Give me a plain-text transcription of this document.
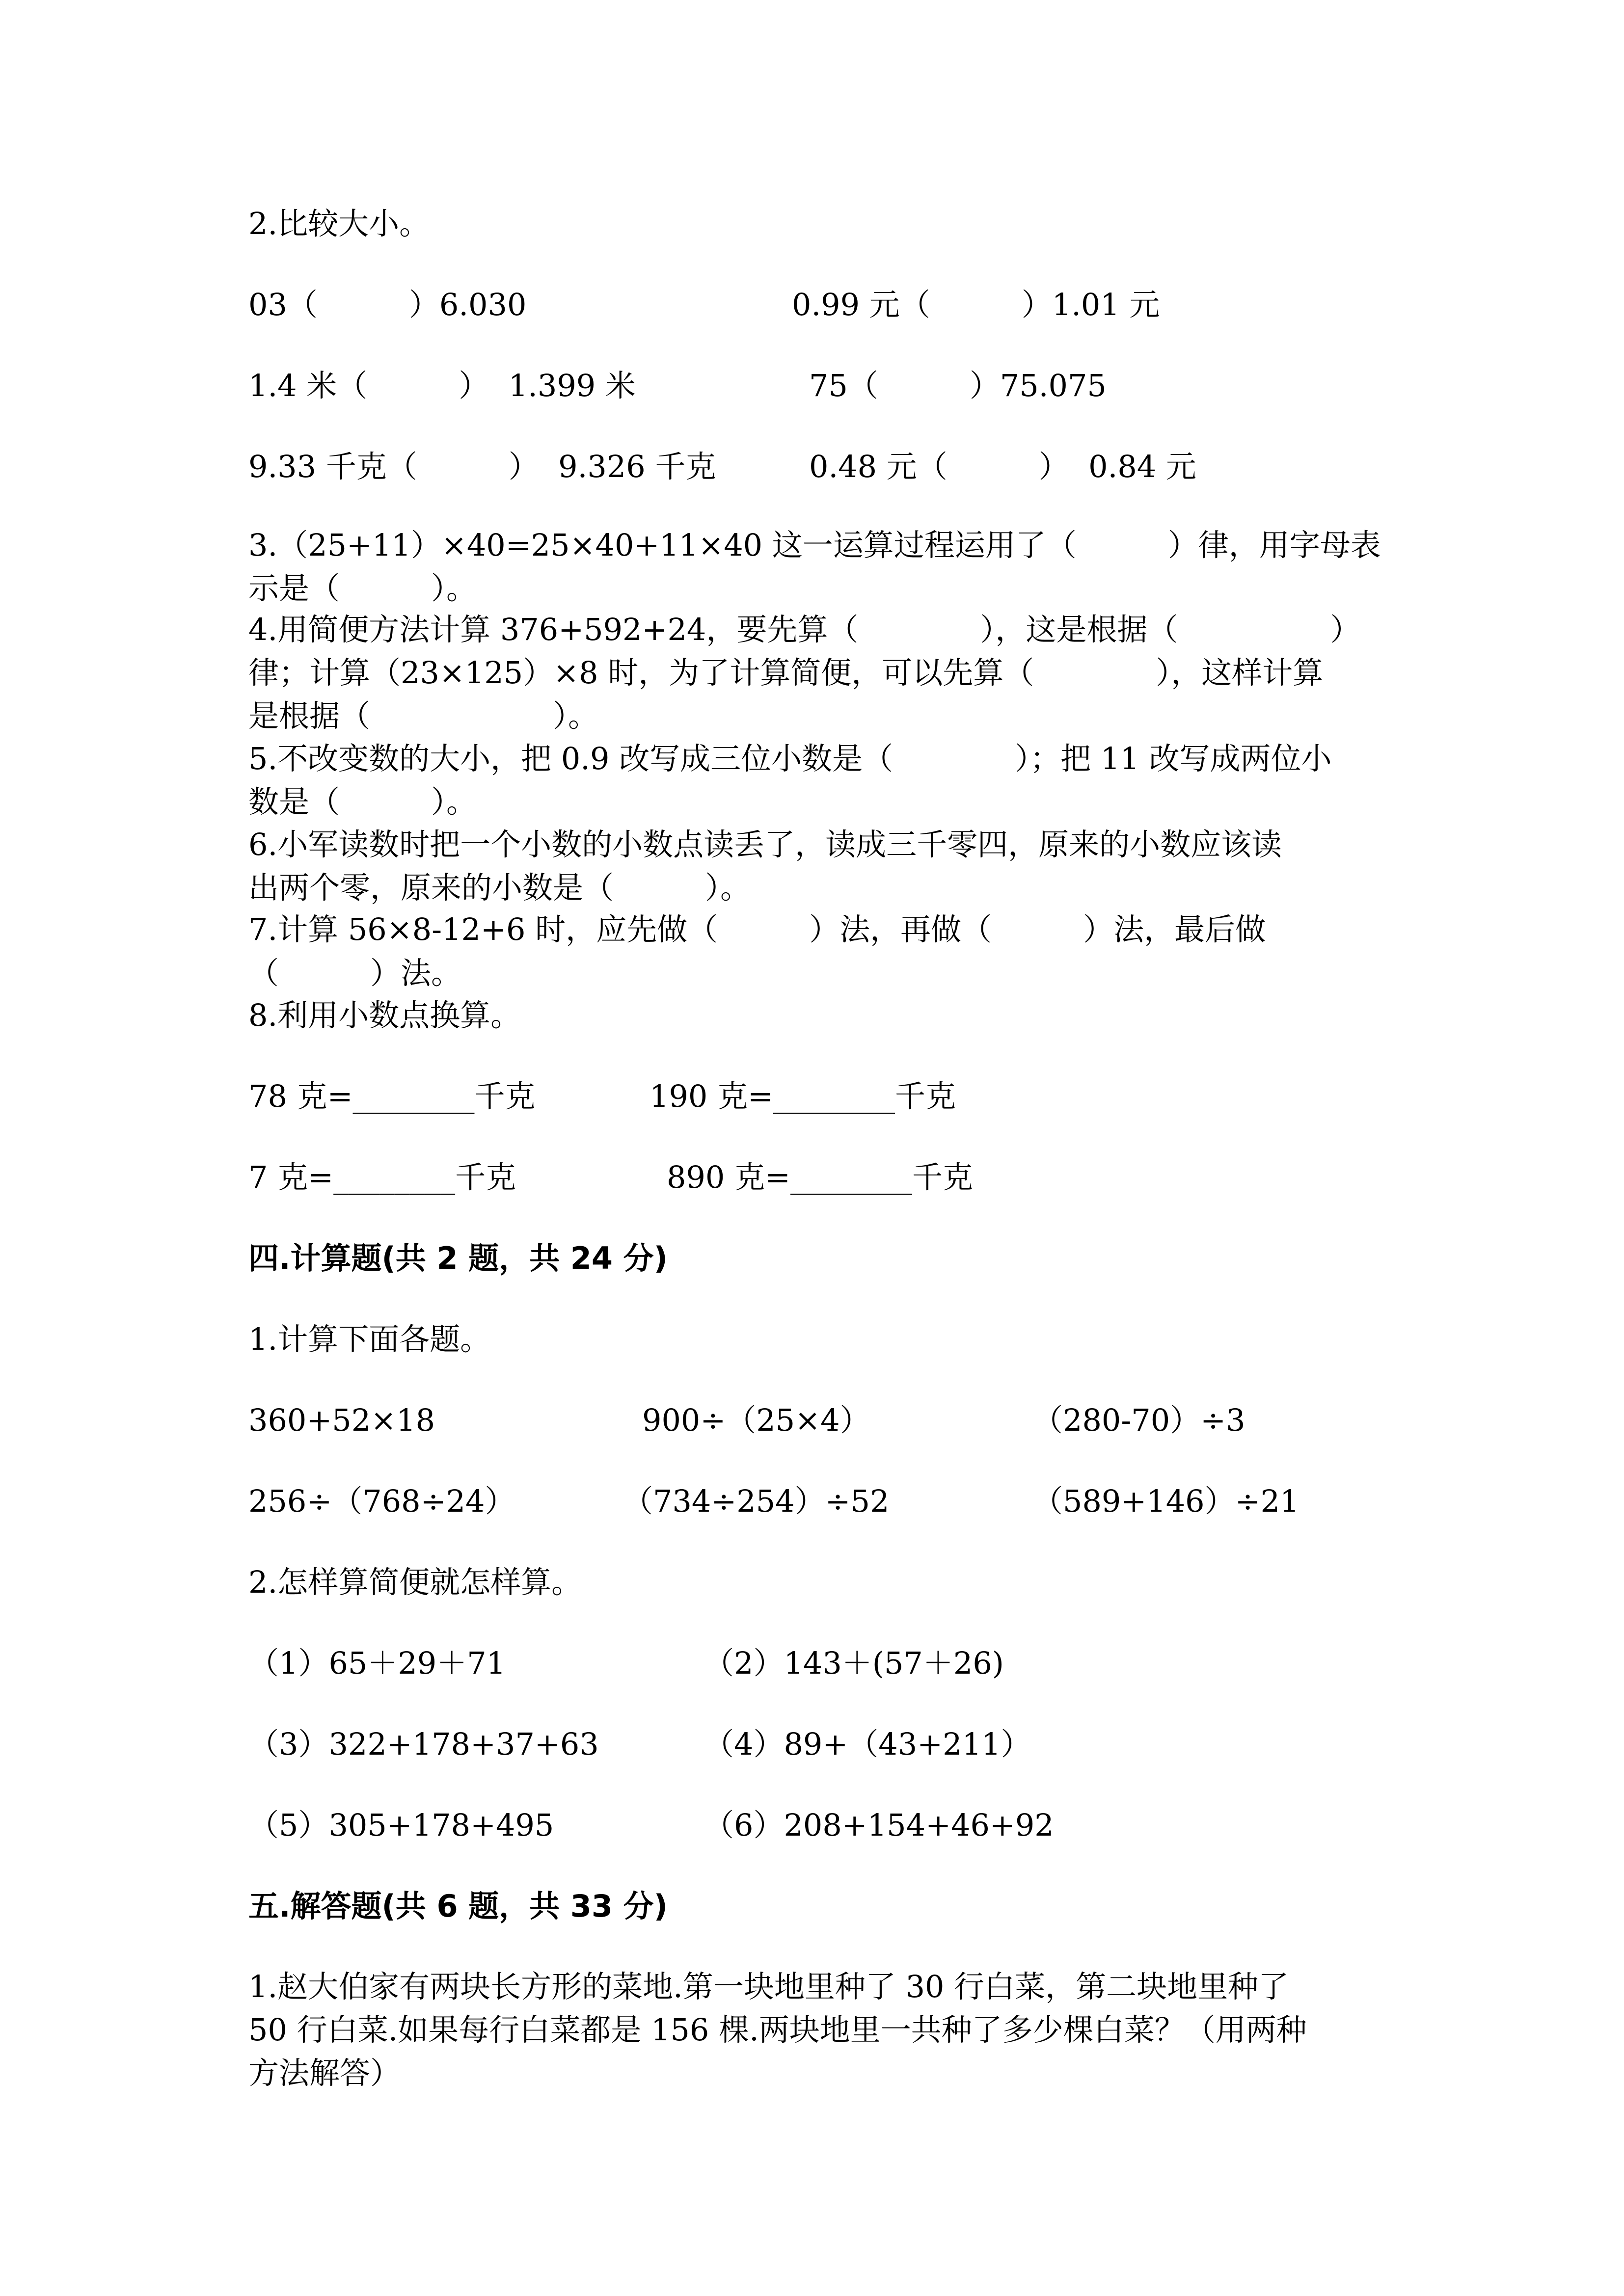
2.比较大小。
03（　　　）6.030	0.99 元（　　　）1.01 元
1.4 米（　　　）  1.399 米	75（　　　）75.075
9.33 千克（　　　）  9.326 千克	0.48 元（　　　）  0.84 元
3.（25+11）×40=25×40+11×40 这一运算过程运用了（　　　）律，用字母表
示是（　　　）。
4.用简便方法计算 376+592+24，要先算（　　　　），这是根据（　　　　　）
律；计算（23×125）×8 时，为了计算简便，可以先算（　　　　），这样计算
是根据（　　　　　　）。
5.不改变数的大小，把 0.9 改写成三位小数是（　　　　）；把 11 改写成两位小
数是（　　　）。
6.小军读数时把一个小数的小数点读丢了，读成三千零四，原来的小数应该读
出两个零，原来的小数是（　　　）。
7.计算 56×8-12+6 时，应先做（　　　）法，再做（　　　）法，最后做
（　　　）法。
8.利用小数点换算。
78 克=________千克	190 克=________千克
7 克=________千克	890 克=________千克
四.计算题(共 2 题，共 24 分)
1.计算下面各题。
360+52×18	900÷（25×4）	（280-70）÷3
256÷（768÷24）	（734÷254）÷52	（589+146）÷21
2.怎样算简便就怎样算。
（1）65＋29＋71	（2）143＋(57＋26)
（3）322+178+37+63	（4）89+（43+211）
（5）305+178+495	（6）208+154+46+92
五.解答题(共 6 题，共 33 分)
1.赵大伯家有两块长方形的菜地.第一块地里种了 30 行白菜，第二块地里种了
50 行白菜.如果每行白菜都是 156 棵.两块地里一共种了多少棵白菜？（用两种
方法解答）
